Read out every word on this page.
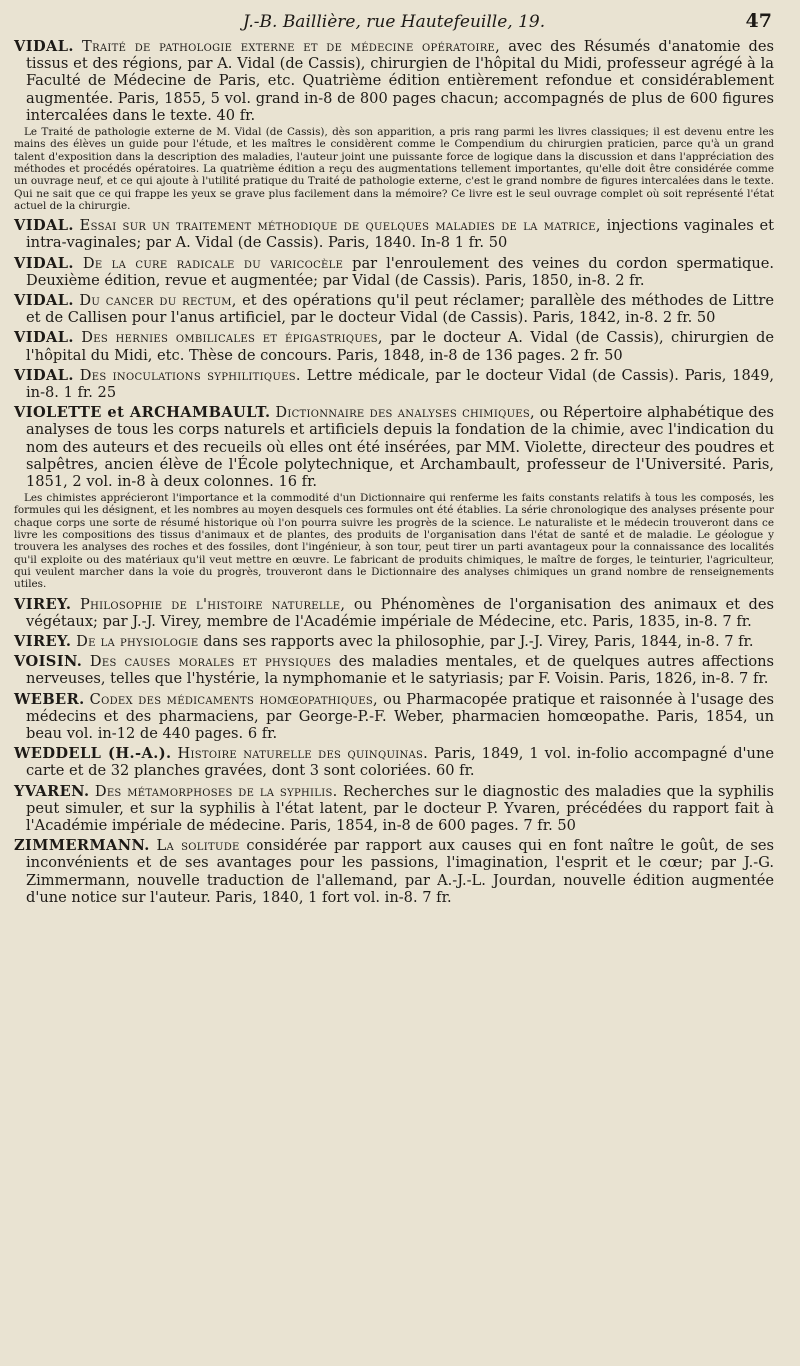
J.-B. Baillière, rue Hautefeuille, 19.	47

VIDAL. Traité de pathologie externe et de médecine opératoire, avec des Résumés d'anatomie des tissus et des régions, par A. Vidal (de Cassis), chirurgien de l'hôpital du Midi, professeur agrégé à la Faculté de Médecine de Paris, etc. Quatrième édition entièrement refondue et considérablement augmentée. Paris, 1855, 5 vol. grand in-8 de 800 pages chacun; accompagnés de plus de 600 figures intercalées dans le texte. 40 fr.

Le Traité de pathologie externe de M. Vidal (de Cassis), dès son apparition, a pris rang parmi les livres classiques; il est devenu entre les mains des élèves un guide pour l'étude, et les maîtres le considèrent comme le Compendium du chirurgien praticien, parce qu'à un grand talent d'exposition dans la description des maladies, l'auteur joint une puissante force de logique dans la discussion et dans l'appréciation des méthodes et procédés opératoires. La quatrième édition a reçu des augmentations tellement importantes, qu'elle doit être considérée comme un ouvrage neuf, et ce qui ajoute à l'utilité pratique du Traité de pathologie externe, c'est le grand nombre de figures intercalées dans le texte. Qui ne sait que ce qui frappe les yeux se grave plus facilement dans la mémoire? Ce livre est le seul ouvrage complet où soit représenté l'état actuel de la chirurgie.

VIDAL. Essai sur un traitement méthodique de quelques maladies de la matrice, injections vaginales et intra-vaginales; par A. Vidal (de Cassis). Paris, 1840. In-8 1 fr. 50

VIDAL. De la cure radicale du varicocèle par l'enroulement des veines du cordon spermatique. Deuxième édition, revue et augmentée; par Vidal (de Cassis). Paris, 1850, in-8. 2 fr.

VIDAL. Du cancer du rectum, et des opérations qu'il peut réclamer; parallèle des méthodes de Littre et de Callisen pour l'anus artificiel, par le docteur Vidal (de Cassis). Paris, 1842, in-8. 2 fr. 50

VIDAL. Des hernies ombilicales et épigastriques, par le docteur A. Vidal (de Cassis), chirurgien de l'hôpital du Midi, etc. Thèse de concours. Paris, 1848, in-8 de 136 pages. 2 fr. 50

VIDAL. Des inoculations syphilitiques. Lettre médicale, par le docteur Vidal (de Cassis). Paris, 1849, in-8. 1 fr. 25

VIOLETTE et ARCHAMBAULT. Dictionnaire des analyses chimiques, ou Répertoire alphabétique des analyses de tous les corps naturels et artificiels depuis la fondation de la chimie, avec l'indication du nom des auteurs et des recueils où elles ont été insérées, par MM. Violette, directeur des poudres et salpêtres, ancien élève de l'École polytechnique, et Archambault, professeur de l'Université. Paris, 1851, 2 vol. in-8 à deux colonnes. 16 fr.

Les chimistes apprécieront l'importance et la commodité d'un Dictionnaire qui renferme les faits constants relatifs à tous les composés, les formules qui les désignent, et les nombres au moyen desquels ces formules ont été établies. La série chronologique des analyses présente pour chaque corps une sorte de résumé historique où l'on pourra suivre les progrès de la science. Le naturaliste et le médecin trouveront dans ce livre les compositions des tissus d'animaux et de plantes, des produits de l'organisation dans l'état de santé et de maladie. Le géologue y trouvera les analyses des roches et des fossiles, dont l'ingénieur, à son tour, peut tirer un parti avantageux pour la connaissance des localités qu'il exploite ou des matériaux qu'il veut mettre en œuvre. Le fabricant de produits chimiques, le maître de forges, le teinturier, l'agriculteur, qui veulent marcher dans la voie du progrès, trouveront dans le Dictionnaire des analyses chimiques un grand nombre de renseignements utiles.

VIREY. Philosophie de l'histoire naturelle, ou Phénomènes de l'organisation des animaux et des végétaux; par J.-J. Virey, membre de l'Académie impériale de Médecine, etc. Paris, 1835, in-8. 7 fr.

VIREY. De la physiologie dans ses rapports avec la philosophie, par J.-J. Virey, Paris, 1844, in-8. 7 fr.

VOISIN. Des causes morales et physiques des maladies mentales, et de quelques autres affections nerveuses, telles que l'hystérie, la nymphomanie et le satyriasis; par F. Voisin. Paris, 1826, in-8. 7 fr.

WEBER. Codex des médicaments homœopathiques, ou Pharmacopée pratique et raisonnée à l'usage des médecins et des pharmaciens, par George-P.-F. Weber, pharmacien homœopathe. Paris, 1854, un beau vol. in-12 de 440 pages. 6 fr.

WEDDELL (H.-A.). Histoire naturelle des quinquinas. Paris, 1849, 1 vol. in-folio accompagné d'une carte et de 32 planches gravées, dont 3 sont coloriées. 60 fr.

YVAREN. Des métamorphoses de la syphilis. Recherches sur le diagnostic des maladies que la syphilis peut simuler, et sur la syphilis à l'état latent, par le docteur P. Yvaren, précédées du rapport fait à l'Académie impériale de médecine. Paris, 1854, in-8 de 600 pages. 7 fr. 50

ZIMMERMANN. La solitude considérée par rapport aux causes qui en font naître le goût, de ses inconvénients et de ses avantages pour les passions, l'imagination, l'esprit et le cœur; par J.-G. Zimmermann, nouvelle traduction de l'allemand, par A.-J.-L. Jourdan, nouvelle édition augmentée d'une notice sur l'auteur. Paris, 1840, 1 fort vol. in-8. 7 fr.
